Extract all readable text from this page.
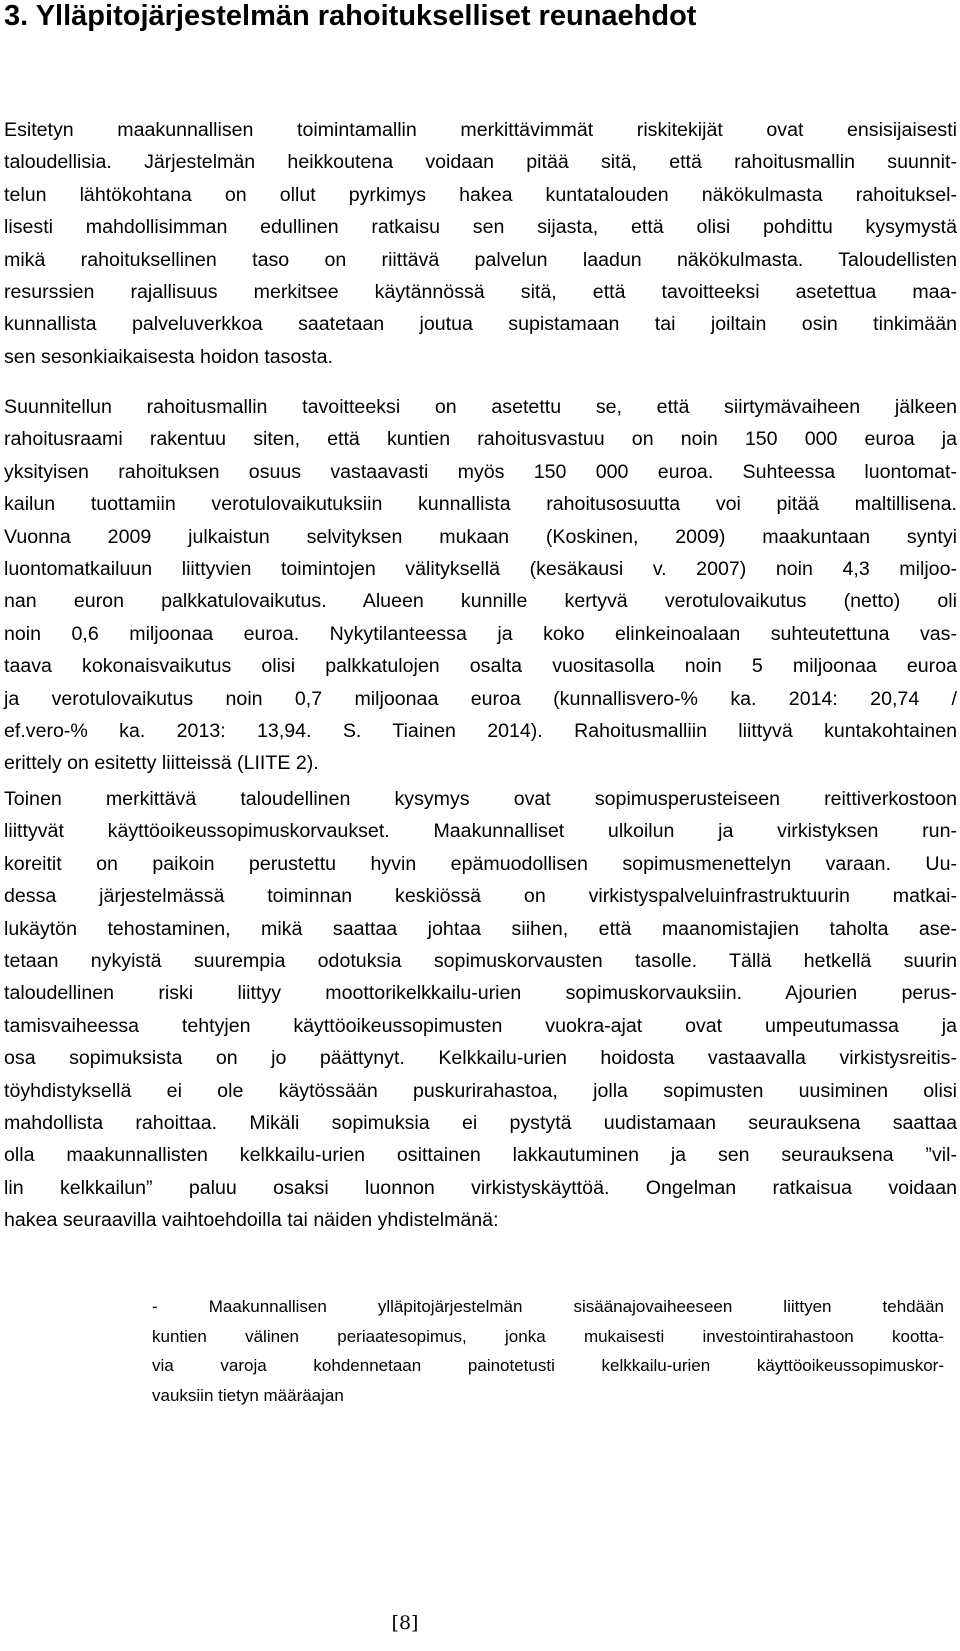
3. Ylläpitojärjestelmän rahoitukselliset reunaehdot
Esitetyn maakunnallisen toimintamallin merkittävimmät riskitekijät ovat ensisijaisesti
taloudellisia. Järjestelmän heikkoutena voidaan pitää sitä, että rahoitusmallin suunnit-
telun lähtökohtana on ollut pyrkimys hakea kuntatalouden näkökulmasta rahoituksel-
lisesti mahdollisimman edullinen ratkaisu sen sijasta, että olisi pohdittu kysymystä
mikä rahoituksellinen taso on riittävä palvelun laadun näkökulmasta. Taloudellisten
resurssien rajallisuus merkitsee käytännössä sitä, että tavoitteeksi asetettua maa-
kunnallista palveluverkkoa saatetaan joutua supistamaan tai joiltain osin tinkimään
sen sesonkiaikaisesta hoidon tasosta.
Suunnitellun rahoitusmallin tavoitteeksi on asetettu se, että siirtymävaiheen jälkeen
rahoitusraami rakentuu siten, että kuntien rahoitusvastuu on noin 150 000 euroa ja
yksityisen rahoituksen osuus vastaavasti myös 150 000 euroa. Suhteessa luontomat-
kailun tuottamiin verotulovaikutuksiin kunnallista rahoitusosuutta voi pitää maltillisena.
Vuonna 2009 julkaistun selvityksen mukaan (Koskinen, 2009) maakuntaan syntyi
luontomatkailuun liittyvien toimintojen välityksellä (kesäkausi v. 2007) noin 4,3 miljoo-
nan euron palkkatulovaikutus. Alueen kunnille kertyvä verotulovaikutus (netto) oli
noin 0,6 miljoonaa euroa. Nykytilanteessa ja koko elinkeinoalaan suhteutettuna vas-
taava kokonaisvaikutus olisi palkkatulojen osalta vuositasolla noin 5 miljoonaa euroa
ja verotulovaikutus noin 0,7 miljoonaa euroa (kunnallisvero-% ka. 2014: 20,74 /
ef.vero-% ka. 2013: 13,94. S. Tiainen 2014). Rahoitusmalliin liittyvä kuntakohtainen
erittely on esitetty liitteissä (LIITE 2).
Toinen merkittävä taloudellinen kysymys ovat sopimusperusteiseen reittiverkostoon
liittyvät käyttöoikeussopimuskorvaukset. Maakunnalliset ulkoilun ja virkistyksen run-
koreitit on paikoin perustettu hyvin epämuodollisen sopimusmenettelyn varaan. Uu-
dessa järjestelmässä toiminnan keskiössä on virkistyspalveluinfrastruktuurin matkai-
lukäytön tehostaminen, mikä saattaa johtaa siihen, että maanomistajien taholta ase-
tetaan nykyistä suurempia odotuksia sopimuskorvausten tasolle. Tällä hetkellä suurin
taloudellinen riski liittyy moottorikelkkailu-urien sopimuskorvauksiin. Ajourien perus-
tamisvaiheessa tehtyjen käyttöoikeussopimusten vuokra-ajat ovat umpeutumassa ja
osa sopimuksista on jo päättynyt. Kelkkailu-urien hoidosta vastaavalla virkistysreitis-
töyhdistyksellä ei ole käytössään puskurirahastoa, jolla sopimusten uusiminen olisi
mahdollista rahoittaa. Mikäli sopimuksia ei pystytä uudistamaan seurauksena saattaa
olla maakunnallisten kelkkailu-urien osittainen lakkautuminen ja sen seurauksena ”vil-
lin kelkkailun” paluu osaksi luonnon virkistyskäyttöä. Ongelman ratkaisua voidaan
hakea seuraavilla vaihtoehdoilla tai näiden yhdistelmänä:
- Maakunnallisen ylläpitojärjestelmän sisäänajovaiheeseen liittyen tehdään
kuntien välinen periaatesopimus, jonka mukaisesti investointirahastoon kootta-
via varoja kohdennetaan painotetusti kelkkailu-urien käyttöoikeussopimuskor-
vauksiin tietyn määräajan
[8]
